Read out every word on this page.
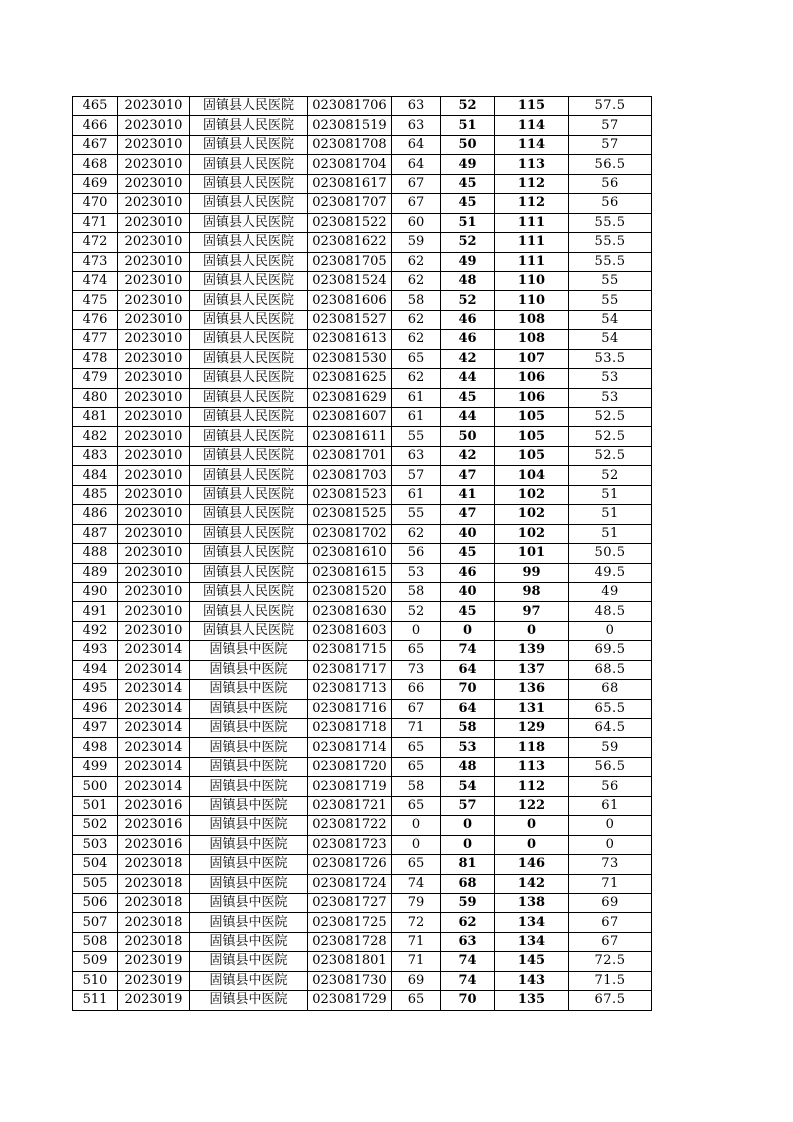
465	2023010	固镇县人民医院	023081706	63	52	115	57.5
466	2023010	固镇县人民医院	023081519	63	51	114	57
467	2023010	固镇县人民医院	023081708	64	50	114	57
468	2023010	固镇县人民医院	023081704	64	49	113	56.5
469	2023010	固镇县人民医院	023081617	67	45	112	56
470	2023010	固镇县人民医院	023081707	67	45	112	56
471	2023010	固镇县人民医院	023081522	60	51	111	55.5
472	2023010	固镇县人民医院	023081622	59	52	111	55.5
473	2023010	固镇县人民医院	023081705	62	49	111	55.5
474	2023010	固镇县人民医院	023081524	62	48	110	55
475	2023010	固镇县人民医院	023081606	58	52	110	55
476	2023010	固镇县人民医院	023081527	62	46	108	54
477	2023010	固镇县人民医院	023081613	62	46	108	54
478	2023010	固镇县人民医院	023081530	65	42	107	53.5
479	2023010	固镇县人民医院	023081625	62	44	106	53
480	2023010	固镇县人民医院	023081629	61	45	106	53
481	2023010	固镇县人民医院	023081607	61	44	105	52.5
482	2023010	固镇县人民医院	023081611	55	50	105	52.5
483	2023010	固镇县人民医院	023081701	63	42	105	52.5
484	2023010	固镇县人民医院	023081703	57	47	104	52
485	2023010	固镇县人民医院	023081523	61	41	102	51
486	2023010	固镇县人民医院	023081525	55	47	102	51
487	2023010	固镇县人民医院	023081702	62	40	102	51
488	2023010	固镇县人民医院	023081610	56	45	101	50.5
489	2023010	固镇县人民医院	023081615	53	46	99	49.5
490	2023010	固镇县人民医院	023081520	58	40	98	49
491	2023010	固镇县人民医院	023081630	52	45	97	48.5
492	2023010	固镇县人民医院	023081603	0	0	0	0
493	2023014	固镇县中医院	023081715	65	74	139	69.5
494	2023014	固镇县中医院	023081717	73	64	137	68.5
495	2023014	固镇县中医院	023081713	66	70	136	68
496	2023014	固镇县中医院	023081716	67	64	131	65.5
497	2023014	固镇县中医院	023081718	71	58	129	64.5
498	2023014	固镇县中医院	023081714	65	53	118	59
499	2023014	固镇县中医院	023081720	65	48	113	56.5
500	2023014	固镇县中医院	023081719	58	54	112	56
501	2023016	固镇县中医院	023081721	65	57	122	61
502	2023016	固镇县中医院	023081722	0	0	0	0
503	2023016	固镇县中医院	023081723	0	0	0	0
504	2023018	固镇县中医院	023081726	65	81	146	73
505	2023018	固镇县中医院	023081724	74	68	142	71
506	2023018	固镇县中医院	023081727	79	59	138	69
507	2023018	固镇县中医院	023081725	72	62	134	67
508	2023018	固镇县中医院	023081728	71	63	134	67
509	2023019	固镇县中医院	023081801	71	74	145	72.5
510	2023019	固镇县中医院	023081730	69	74	143	71.5
511	2023019	固镇县中医院	023081729	65	70	135	67.5
